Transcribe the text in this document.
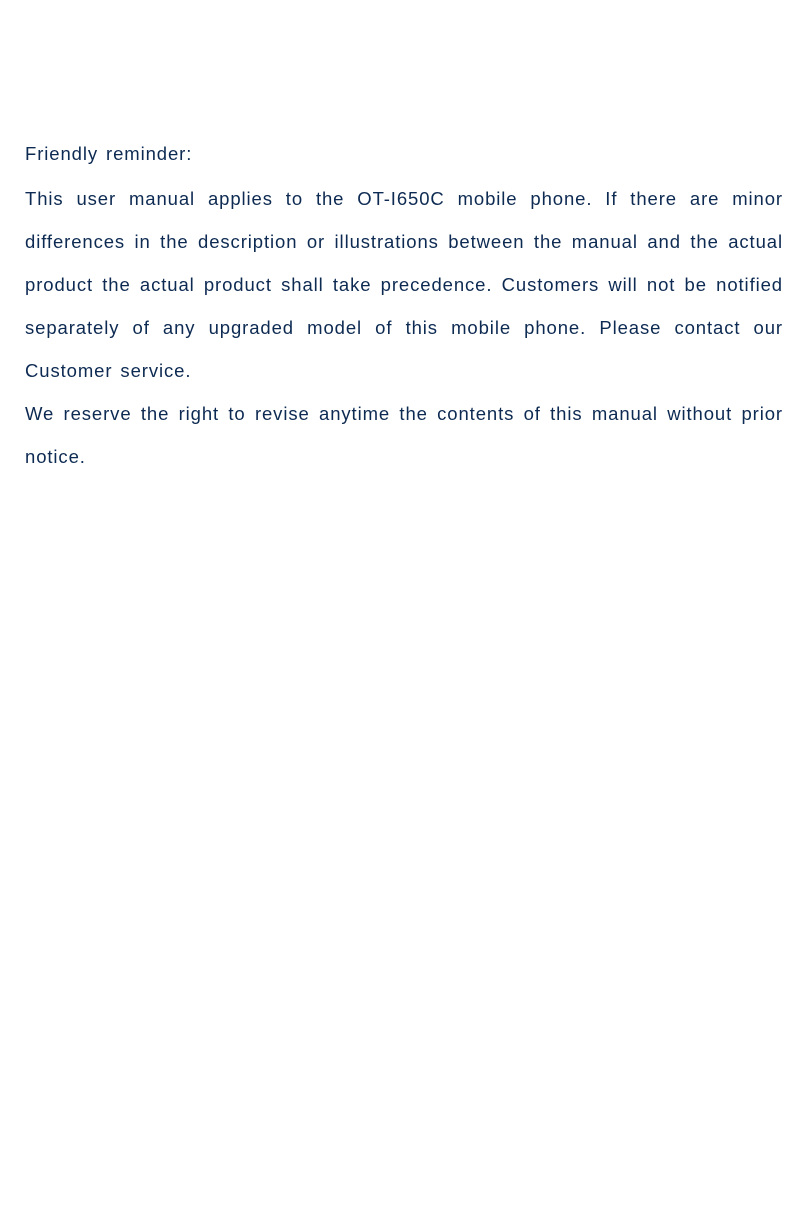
Friendly reminder:

This user manual applies to the OT-I650C mobile phone. If there are minor differences in the description or illustrations between the manual and the actual product the actual product shall take precedence. Customers will not be notified separately of any upgraded model of this mobile phone. Please contact our Customer service.

We reserve the right to revise anytime the contents of this manual without prior notice.
